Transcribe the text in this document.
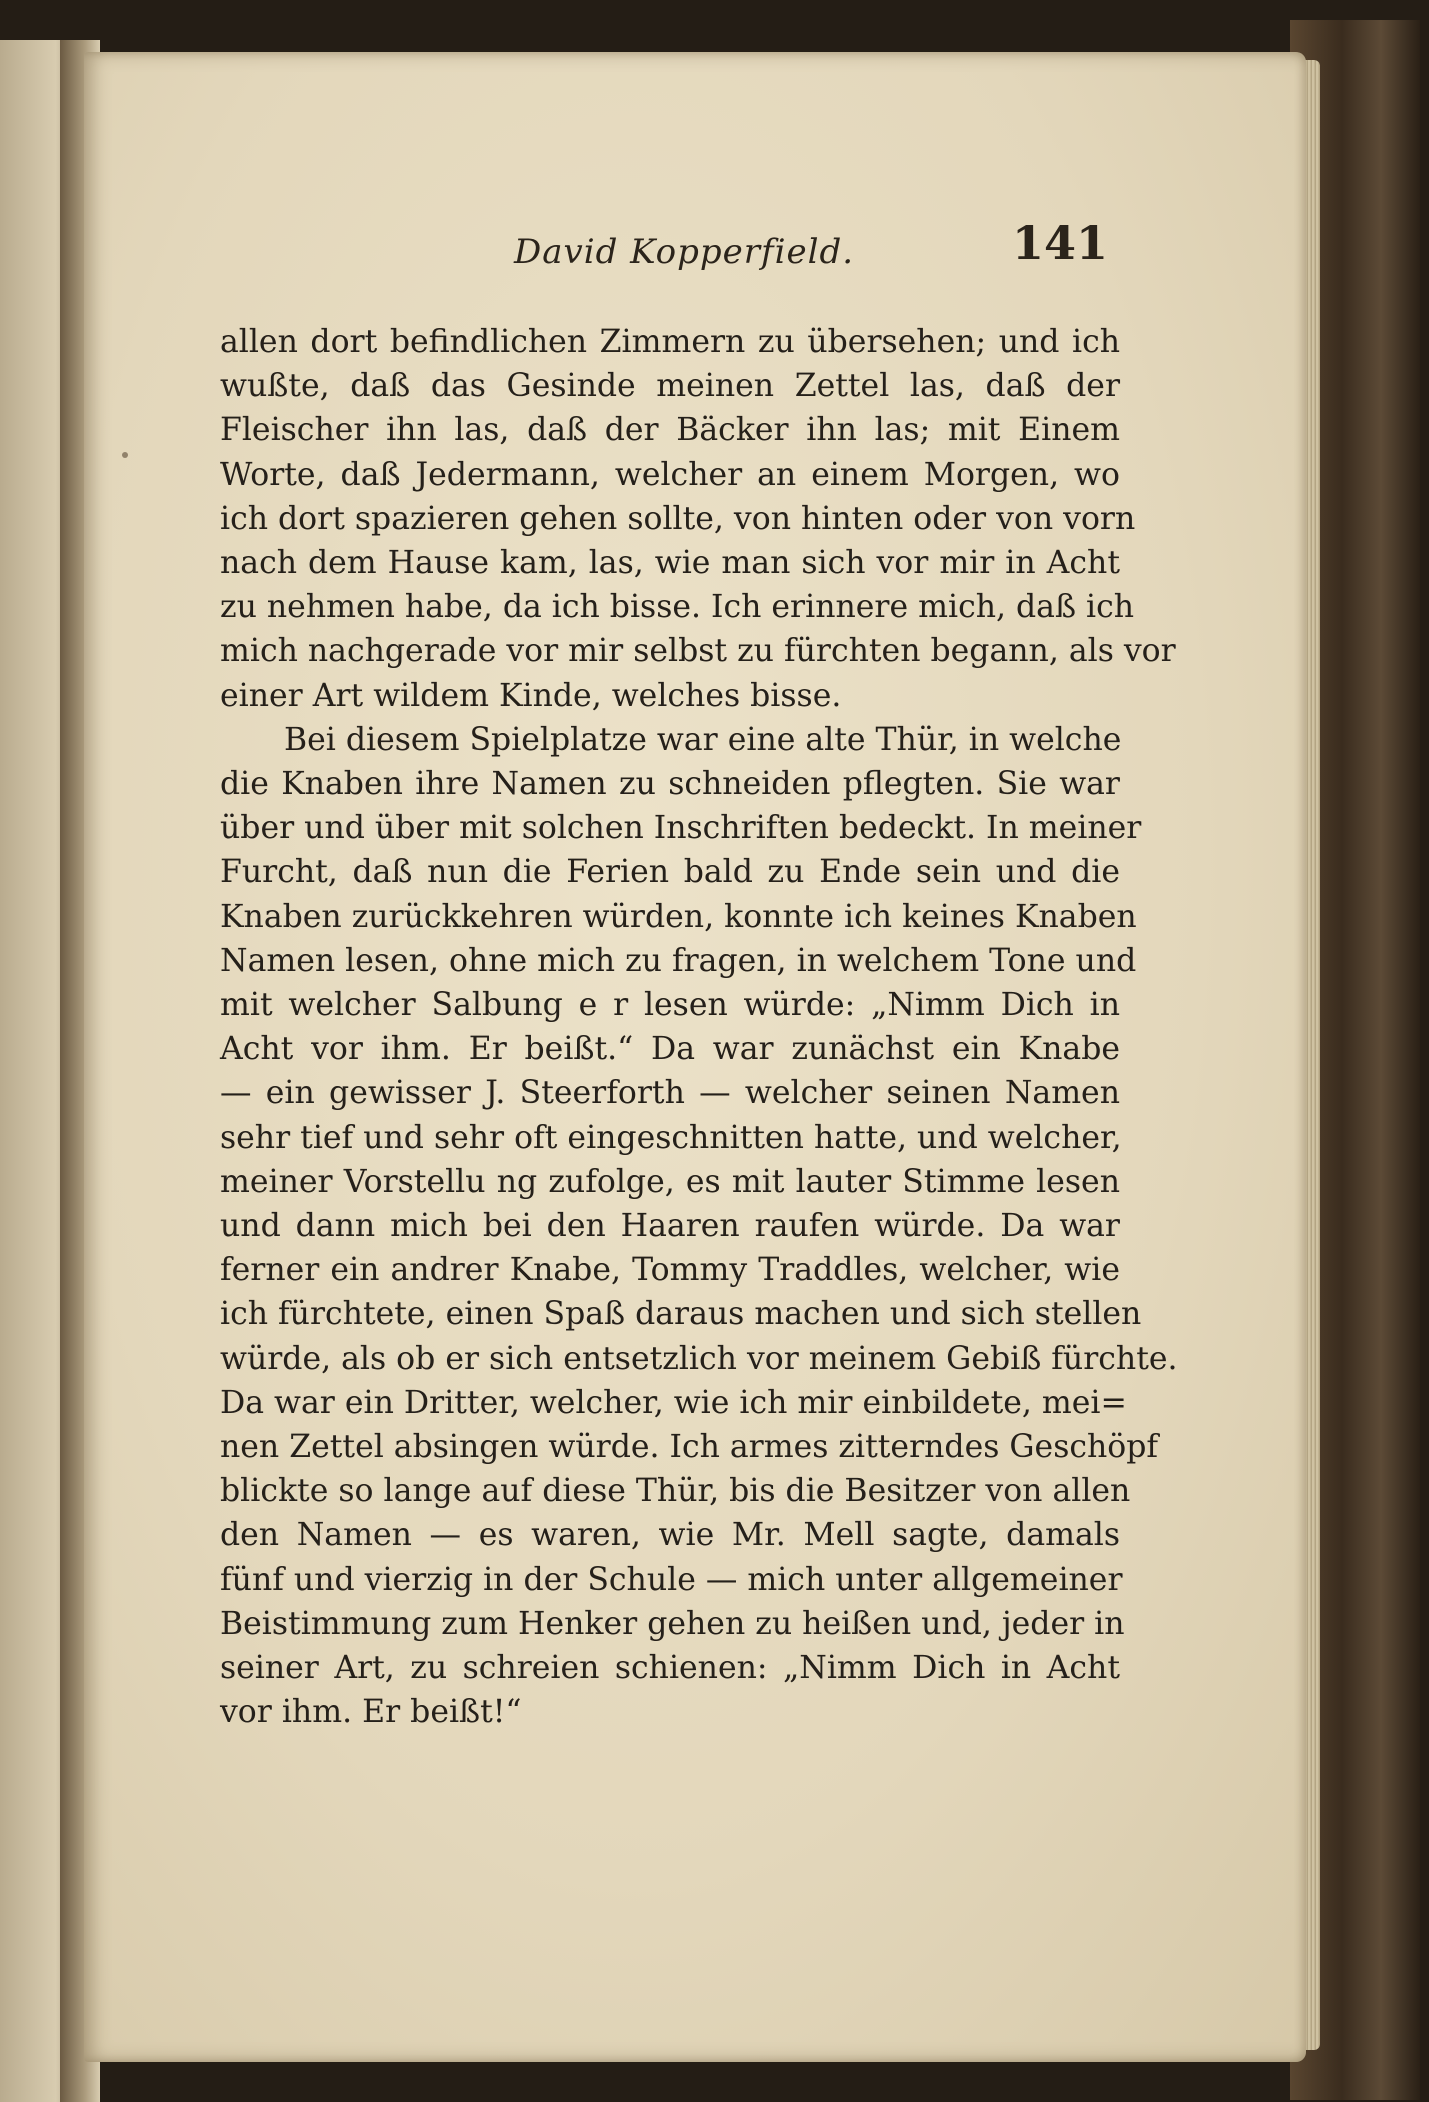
David Kopperfield.	141
allen dort befindlichen Zimmern zu übersehen; und ich
wußte, daß das Gesinde meinen Zettel las, daß der
Fleischer ihn las, daß der Bäcker ihn las; mit Einem
Worte, daß Jedermann, welcher an einem Morgen, wo
ich dort spazieren gehen sollte, von hinten oder von vorn
nach dem Hause kam, las, wie man sich vor mir in Acht
zu nehmen habe, da ich bisse. Ich erinnere mich, daß ich
mich nachgerade vor mir selbst zu fürchten begann, als vor
einer Art wildem Kinde, welches bisse.
Bei diesem Spielplatze war eine alte Thür, in welche
die Knaben ihre Namen zu schneiden pflegten. Sie war
über und über mit solchen Inschriften bedeckt. In meiner
Furcht, daß nun die Ferien bald zu Ende sein und die
Knaben zurückkehren würden, konnte ich keines Knaben
Namen lesen, ohne mich zu fragen, in welchem Tone und
mit welcher Salbung e r lesen würde: „Nimm Dich in
Acht vor ihm. Er beißt.“ Da war zunächst ein Knabe
— ein gewisser J. Steerforth — welcher seinen Namen
sehr tief und sehr oft eingeschnitten hatte, und welcher,
meiner Vorstellu ng zufolge, es mit lauter Stimme lesen
und dann mich bei den Haaren raufen würde. Da war
ferner ein andrer Knabe, Tommy Traddles, welcher, wie
ich fürchtete, einen Spaß daraus machen und sich stellen
würde, als ob er sich entsetzlich vor meinem Gebiß fürchte.
Da war ein Dritter, welcher, wie ich mir einbildete, mei=
nen Zettel absingen würde. Ich armes zitterndes Geschöpf
blickte so lange auf diese Thür, bis die Besitzer von allen
den Namen — es waren, wie Mr. Mell sagte, damals
fünf und vierzig in der Schule — mich unter allgemeiner
Beistimmung zum Henker gehen zu heißen und, jeder in
seiner Art, zu schreien schienen: „Nimm Dich in Acht
vor ihm. Er beißt!“
